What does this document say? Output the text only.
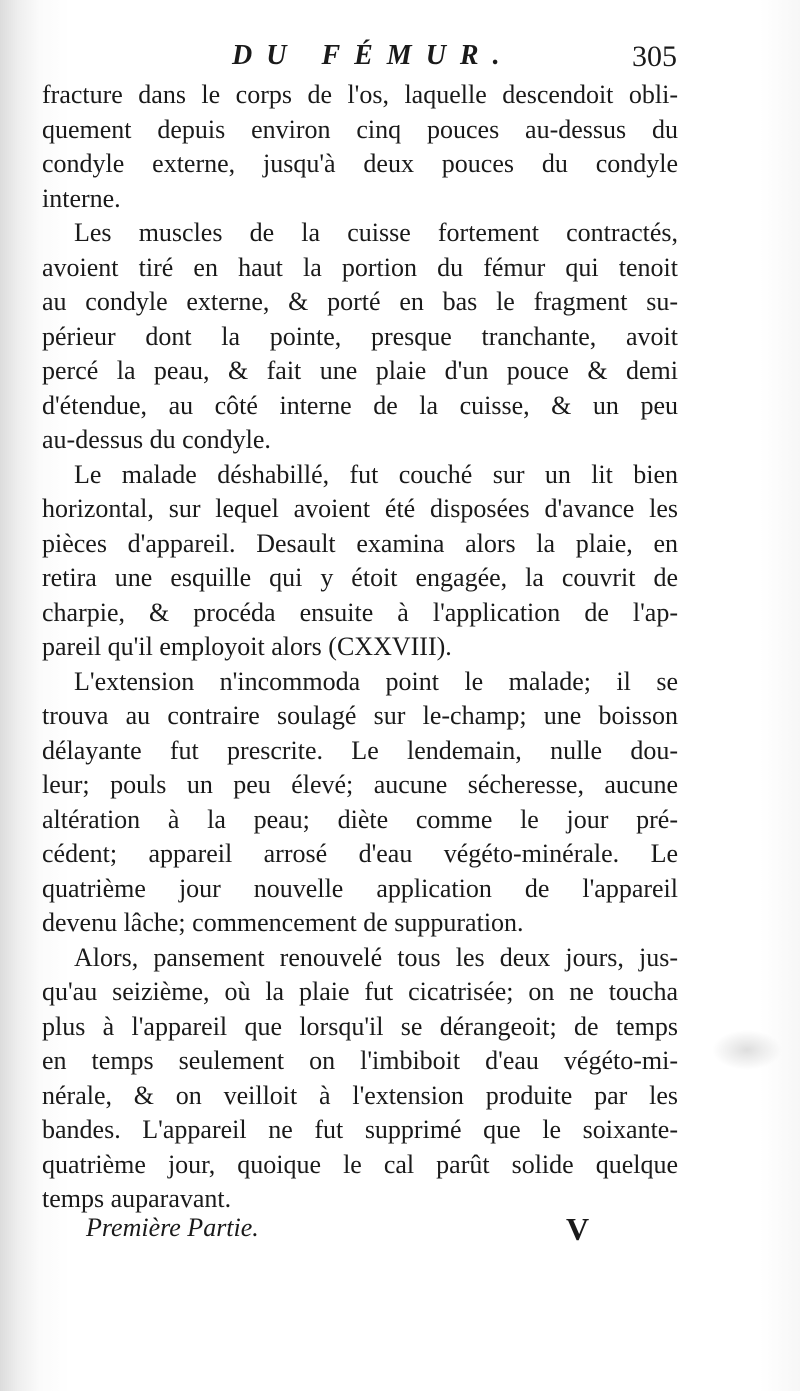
DU FÉMUR.	305
fracture dans le corps de l'os, laquelle descendoit obli-
quement depuis environ cinq pouces au-dessus du
condyle externe, jusqu'à deux pouces du condyle
interne.
Les muscles de la cuisse fortement contractés,
avoient tiré en haut la portion du fémur qui tenoit
au condyle externe, & porté en bas le fragment su-
périeur dont la pointe, presque tranchante, avoit
percé la peau, & fait une plaie d'un pouce & demi
d'étendue, au côté interne de la cuisse, & un peu
au-dessus du condyle.
Le malade déshabillé, fut couché sur un lit bien
horizontal, sur lequel avoient été disposées d'avance les
pièces d'appareil. Desault examina alors la plaie, en
retira une esquille qui y étoit engagée, la couvrit de
charpie, & procéda ensuite à l'application de l'ap-
pareil qu'il employoit alors (CXXVIII).
L'extension n'incommoda point le malade; il se
trouva au contraire soulagé sur le-champ; une boisson
délayante fut prescrite. Le lendemain, nulle dou-
leur; pouls un peu élevé; aucune sécheresse, aucune
altération à la peau; diète comme le jour pré-
cédent; appareil arrosé d'eau végéto-minérale. Le
quatrième jour nouvelle application de l'appareil
devenu lâche; commencement de suppuration.
Alors, pansement renouvelé tous les deux jours, jus-
qu'au seizième, où la plaie fut cicatrisée; on ne toucha
plus à l'appareil que lorsqu'il se dérangeoit; de temps
en temps seulement on l'imbiboit d'eau végéto-mi-
nérale, & on veilloit à l'extension produite par les
bandes. L'appareil ne fut supprimé que le soixante-
quatrième jour, quoique le cal parût solide quelque
temps auparavant.
Première Partie.	V
